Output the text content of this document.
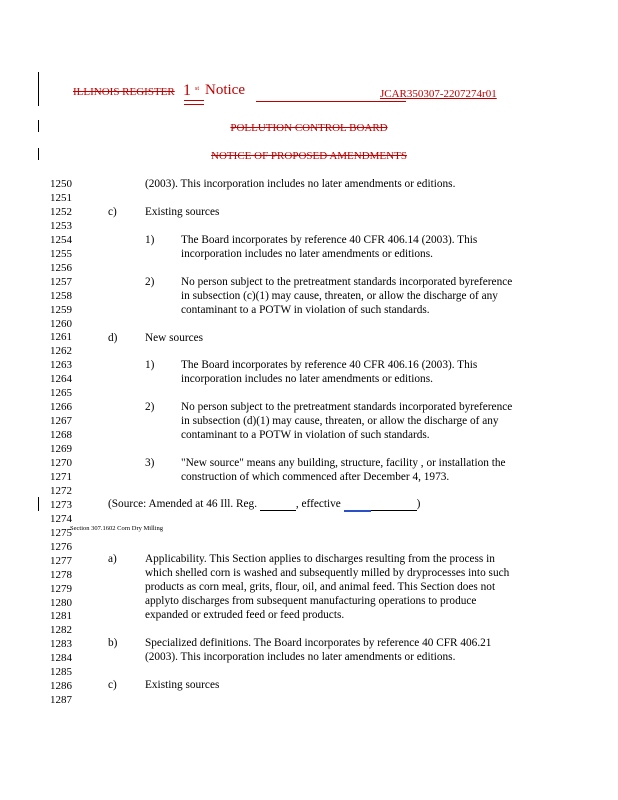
ILLINOIS REGISTER 1 st Notice	JCAR350307-2207274r01
POLLUTION CONTROL BOARD
NOTICE OF PROPOSED AMENDMENTS
1250
1251
1252
1253
1254
1255
1256
1257
1258
1259
1260
1261
1262
1263
1264
1265
1266
1267
1268
1269
1270
1271
1272
1273
1274
1275
1276
1277
1278
1279
1280
1281
1282
1283
1284
1285
1286
1287
(2003). This incorporation includes no later amendments or editions.
c) Existing sources
1) The Board incorporates by reference 40 CFR 406.14 (2003). This
incorporation includes no later amendments or editions.
2) No person subject to the pretreatment standards incorporated byreference
in subsection (c)(1) may cause, threaten, or allow the discharge of any
contaminant to a POTW in violation of such standards.
d) New sources
1) The Board incorporates by reference 40 CFR 406.16 (2003). This
incorporation includes no later amendments or editions.
2) No person subject to the pretreatment standards incorporated byreference
in subsection (d)(1) may cause, threaten, or allow the discharge of any
contaminant to a POTW in violation of such standards.
3) "New source" means any building, structure, facility , or installation the
construction of which commenced after December 4, 1973.
(Source: Amended at 46 Ill. Reg.	, effective	)
Section 307.1602 Corn Dry Milling
a) Applicability. This Section applies to discharges resulting from the process in
which shelled corn is washed and subsequently milled by dryprocesses into such
products as corn meal, grits, flour, oil, and animal feed. This Section does not
applyto discharges from subsequent manufacturing operations to produce
expanded or extruded feed or feed products.
b) Specialized definitions. The Board incorporates by reference 40 CFR 406.21
(2003). This incorporation includes no later amendments or editions.
c) Existing sources
